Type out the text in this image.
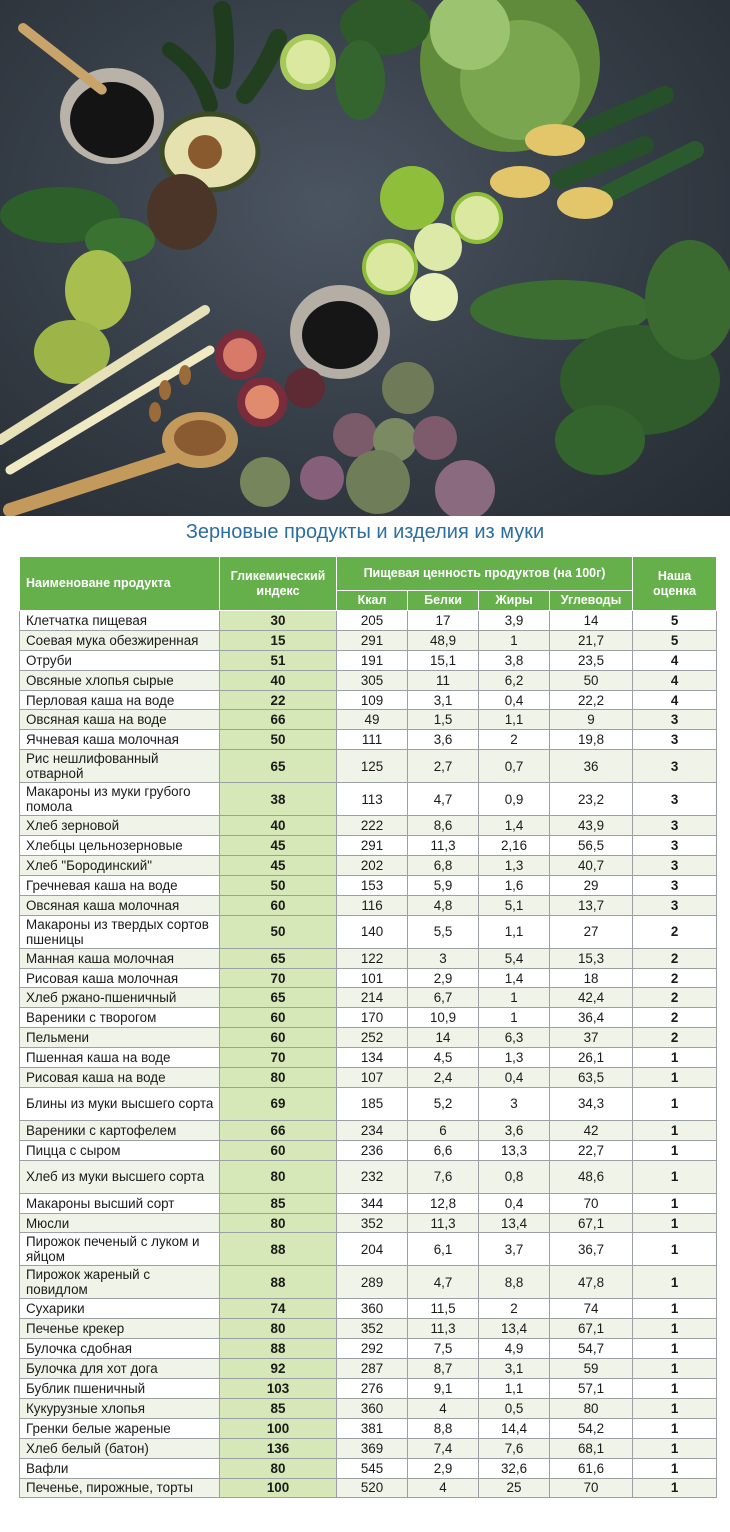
Зерновые продукты и изделия из муки
Наименоване продукта	Гликемический индекс	Пищевая ценность продуктов (на 100г)				Наша оценка
		Ккал	Белки	Жиры	Углеводы	
Клетчатка пищевая	30	205	17	3,9	14	5
Соевая мука обезжиренная	15	291	48,9	1	21,7	5
Отруби	51	191	15,1	3,8	23,5	4
Овсяные хлопья сырые	40	305	11	6,2	50	4
Перловая каша на воде	22	109	3,1	0,4	22,2	4
Овсяная каша на воде	66	49	1,5	1,1	9	3
Ячневая каша молочная	50	111	3,6	2	19,8	3
Рис нешлифованный отварной	65	125	2,7	0,7	36	3
Макароны из муки грубого помола	38	113	4,7	0,9	23,2	3
Хлеб зерновой	40	222	8,6	1,4	43,9	3
Хлебцы цельнозерновые	45	291	11,3	2,16	56,5	3
Хлеб "Бородинский"	45	202	6,8	1,3	40,7	3
Гречневая каша на воде	50	153	5,9	1,6	29	3
Овсяная каша молочная	60	116	4,8	5,1	13,7	3
Макароны из твердых сортов пшеницы	50	140	5,5	1,1	27	2
Манная каша молочная	65	122	3	5,4	15,3	2
Рисовая каша молочная	70	101	2,9	1,4	18	2
Хлеб ржано-пшеничный	65	214	6,7	1	42,4	2
Вареники с творогом	60	170	10,9	1	36,4	2
Пельмени	60	252	14	6,3	37	2
Пшенная каша на воде	70	134	4,5	1,3	26,1	1
Рисовая каша на воде	80	107	2,4	0,4	63,5	1
Блины из муки высшего сорта	69	185	5,2	3	34,3	1
Вареники с картофелем	66	234	6	3,6	42	1
Пицца с сыром	60	236	6,6	13,3	22,7	1
Хлеб из муки высшего сорта	80	232	7,6	0,8	48,6	1
Макароны высший сорт	85	344	12,8	0,4	70	1
Мюсли	80	352	11,3	13,4	67,1	1
Пирожок печеный с луком и яйцом	88	204	6,1	3,7	36,7	1
Пирожок жареный с повидлом	88	289	4,7	8,8	47,8	1
Сухарики	74	360	11,5	2	74	1
Печенье крекер	80	352	11,3	13,4	67,1	1
Булочка сдобная	88	292	7,5	4,9	54,7	1
Булочка для хот дога	92	287	8,7	3,1	59	1
Бублик пшеничный	103	276	9,1	1,1	57,1	1
Кукурузные хлопья	85	360	4	0,5	80	1
Гренки белые жареные	100	381	8,8	14,4	54,2	1
Хлеб белый (батон)	136	369	7,4	7,6	68,1	1
Вафли	80	545	2,9	32,6	61,6	1
Печенье, пирожные, торты	100	520	4	25	70	1
